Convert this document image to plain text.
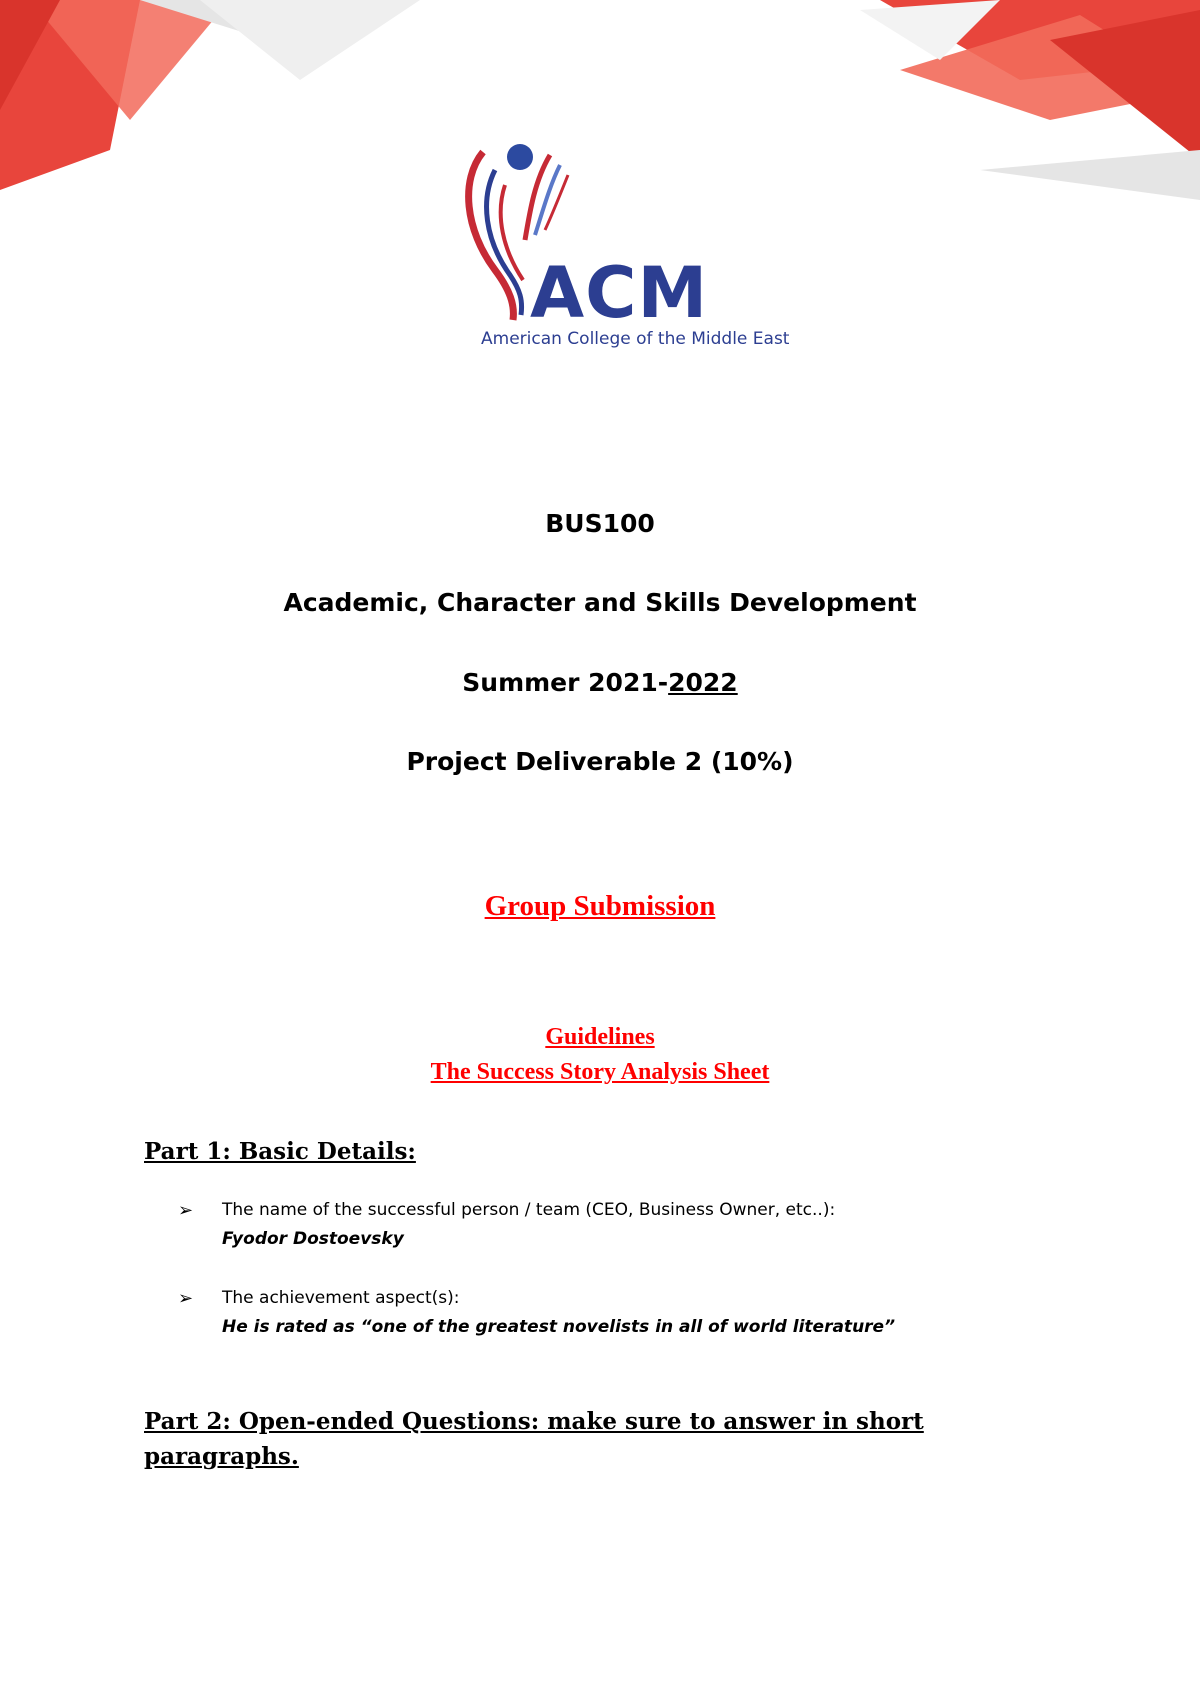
ACM
American College of the Middle East
BUS100
Academic, Character and Skills Development
Summer 2021-2022
Project Deliverable 2 (10%)
Group Submission
Guidelines
The Success Story Analysis Sheet
Part 1: Basic Details:
➢ The name of the successful person / team (CEO, Business Owner, etc..):
Fyodor Dostoevsky
➢ The achievement aspect(s):
He is rated as “one of the greatest novelists in all of world literature”
Part 2: Open-ended Questions: make sure to answer in short
paragraphs.
